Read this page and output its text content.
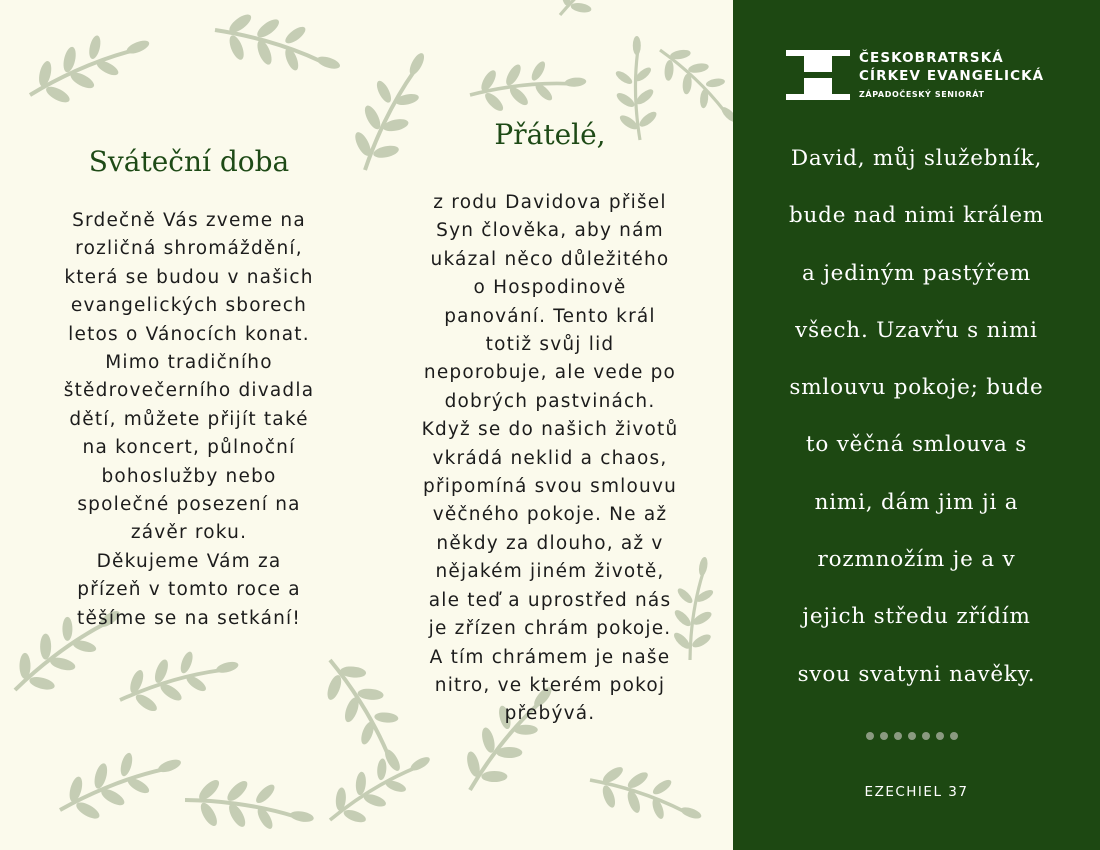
Sváteční doba

Srdečně Vás zveme na
rozličná shromáždění,
která se budou v našich
evangelických sborech
letos o Vánocích konat.
Mimo tradičního
štědrovečerního divadla
dětí, můžete přijít také
na koncert, půlnoční
bohoslužby nebo
společné posezení na
závěr roku.
Děkujeme Vám za
přízeň v tomto roce a
těšíme se na setkání!

Přátelé,

z rodu Davidova přišel
Syn člověka, aby nám
ukázal něco důležitého
o Hospodinově
panování. Tento král
totiž svůj lid
neporobuje, ale vede po
dobrých pastvinách.
Když se do našich životů
vkrádá neklid a chaos,
připomíná svou smlouvu
věčného pokoje. Ne až
někdy za dlouho, až v
nějakém jiném životě,
ale teď a uprostřed nás
je zřízen chrám pokoje.
A tím chrámem je naše
nitro, ve kterém pokoj
přebývá.

ČESKOBRATRSKÁ
CÍRKEV EVANGELICKÁ
ZÁPADOČESKÝ SENIORÁT

David, můj služebník,
bude nad nimi králem
a jediným pastýřem
všech. Uzavřu s nimi
smlouvu pokoje; bude
to věčná smlouva s
nimi, dám jim ji a
rozmnožím je a v
jejich středu zřídím
svou svatyni navěky.

EZECHIEL 37
